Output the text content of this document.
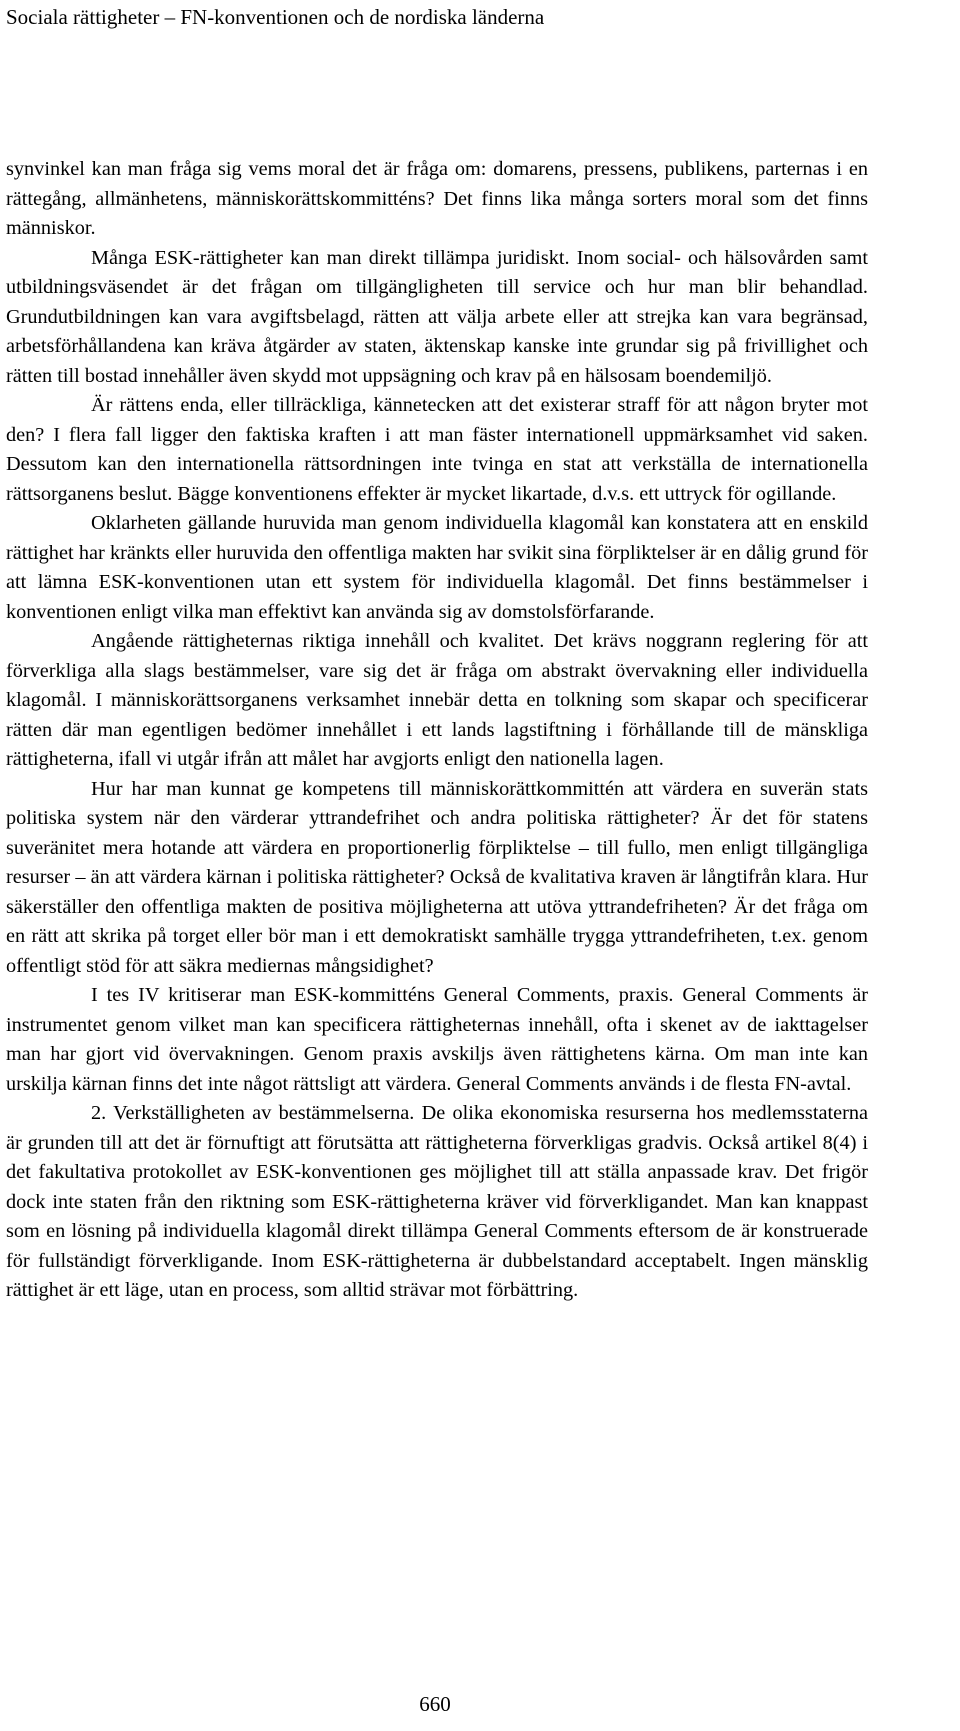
Sociala rättigheter – FN-konventionen och de nordiska länderna

synvinkel kan man fråga sig vems moral det är fråga om: domarens, pressens, publikens, parternas i en rättegång, allmänhetens, människorättskommitténs? Det finns lika många sorters moral som det finns människor.

Många ESK-rättigheter kan man direkt tillämpa juridiskt. Inom social- och hälsovården samt utbildningsväsendet är det frågan om tillgängligheten till service och hur man blir behandlad. Grundutbildningen kan vara avgiftsbelagd, rätten att välja arbete eller att strejka kan vara begränsad, arbetsförhållandena kan kräva åtgärder av staten, äktenskap kanske inte grundar sig på frivillighet och rätten till bostad innehåller även skydd mot uppsägning och krav på en hälsosam boendemiljö.

Är rättens enda, eller tillräckliga, kännetecken att det existerar straff för att någon bryter mot den? I flera fall ligger den faktiska kraften i att man fäster internationell uppmärksamhet vid saken. Dessutom kan den internationella rättsordningen inte tvinga en stat att verkställa de internationella rättsorganens beslut. Bägge konventionens effekter är mycket likartade, d.v.s. ett uttryck för ogillande.

Oklarheten gällande huruvida man genom individuella klagomål kan konstatera att en enskild rättighet har kränkts eller huruvida den offentliga makten har svikit sina förpliktelser är en dålig grund för att lämna ESK-konventionen utan ett system för individuella klagomål. Det finns bestämmelser i konventionen enligt vilka man effektivt kan använda sig av domstolsförfarande.

Angående rättigheternas riktiga innehåll och kvalitet. Det krävs noggrann reglering för att förverkliga alla slags bestämmelser, vare sig det är fråga om abstrakt övervakning eller individuella klagomål. I människorättsorganens verksamhet innebär detta en tolkning som skapar och specificerar rätten där man egentligen bedömer innehållet i ett lands lagstiftning i förhållande till de mänskliga rättigheterna, ifall vi utgår ifrån att målet har avgjorts enligt den nationella lagen.

Hur har man kunnat ge kompetens till människorättkommittén att värdera en suverän stats politiska system när den värderar yttrandefrihet och andra politiska rättigheter? Är det för statens suveränitet mera hotande att värdera en proportionerlig förpliktelse – till fullo, men enligt tillgängliga resurser – än att värdera kärnan i politiska rättigheter? Också de kvalitativa kraven är långtifrån klara. Hur säkerställer den offentliga makten de positiva möjligheterna att utöva yttrandefriheten? Är det fråga om en rätt att skrika på torget eller bör man i ett demokratiskt samhälle trygga yttrandefriheten, t.ex. genom offentligt stöd för att säkra mediernas mångsidighet?

I tes IV kritiserar man ESK-kommitténs General Comments, praxis. General Comments är instrumentet genom vilket man kan specificera rättigheternas innehåll, ofta i skenet av de iakttagelser man har gjort vid övervakningen. Genom praxis avskiljs även rättighetens kärna. Om man inte kan urskilja kärnan finns det inte något rättsligt att värdera. General Comments används i de flesta FN-avtal.

2. Verkställigheten av bestämmelserna. De olika ekonomiska resurserna hos medlemsstaterna är grunden till att det är förnuftigt att förutsätta att rättigheterna förverkligas gradvis. Också artikel 8(4) i det fakultativa protokollet av ESK-konventionen ges möjlighet till att ställa anpassade krav. Det frigör dock inte staten från den riktning som ESK-rättigheterna kräver vid förverkligandet. Man kan knappast som en lösning på individuella klagomål direkt tillämpa General Comments eftersom de är konstruerade för fullständigt förverkligande. Inom ESK-rättigheterna är dubbelstandard acceptabelt. Ingen mänsklig rättighet är ett läge, utan en process, som alltid strävar mot förbättring.

660
